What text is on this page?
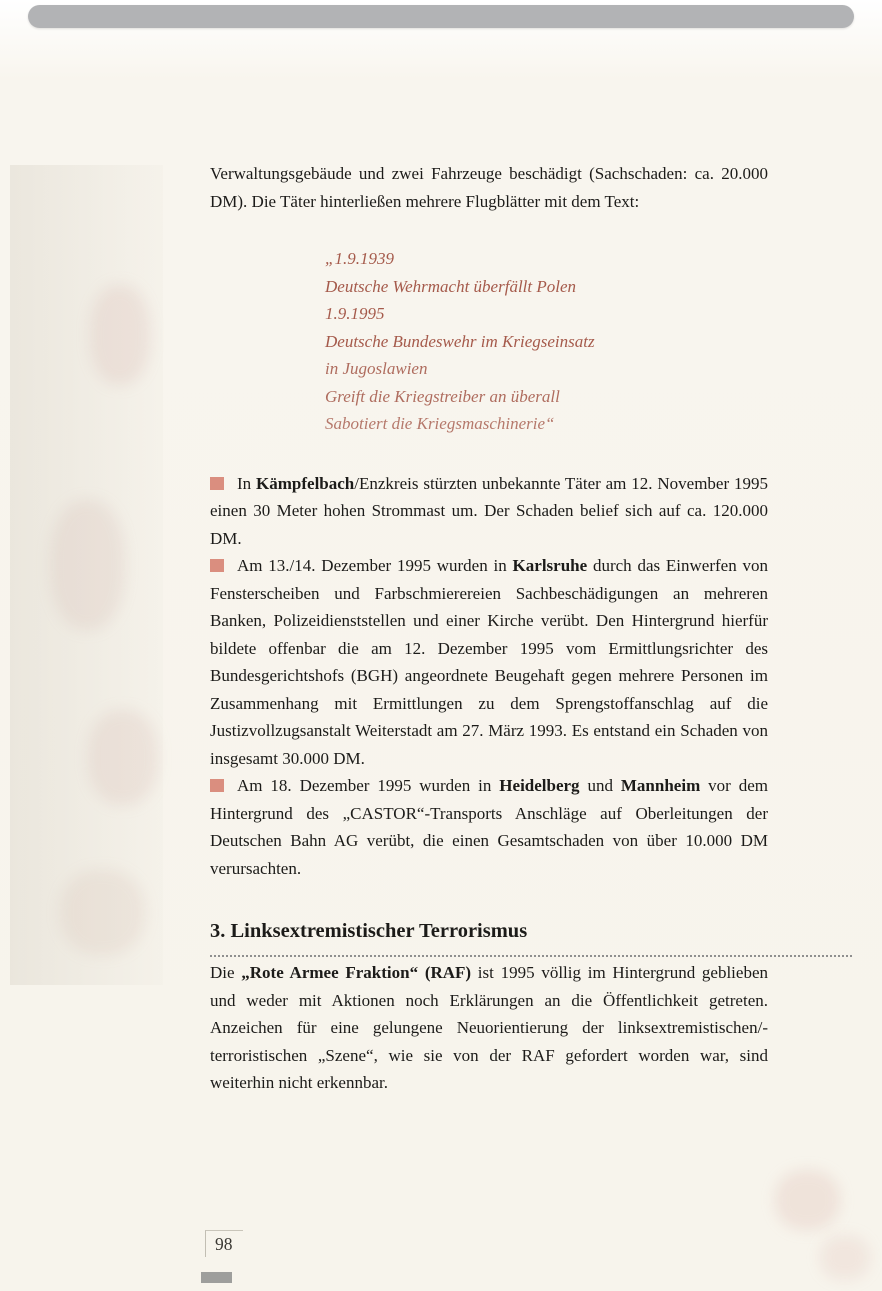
Verwaltungsgebäude und zwei Fahrzeuge beschädigt (Sachschaden: ca. 20.000 DM). Die Täter hinterließen mehrere Flugblätter mit dem Text:

„1.9.1939
Deutsche Wehrmacht überfällt Polen
1.9.1995
Deutsche Bundeswehr im Kriegseinsatz
in Jugoslawien
Greift die Kriegstreiber an überall
Sabotiert die Kriegsmaschinerie“

In Kämpfelbach/Enzkreis stürzten unbekannte Täter am 12. November 1995 einen 30 Meter hohen Strommast um. Der Schaden belief sich auf ca. 120.000 DM.

Am 13./14. Dezember 1995 wurden in Karlsruhe durch das Einwerfen von Fensterscheiben und Farbschmierereien Sachbeschädigungen an mehreren Banken, Polizeidienststellen und einer Kirche verübt. Den Hintergrund hierfür bildete offenbar die am 12. Dezember 1995 vom Ermittlungsrichter des Bundesgerichtshofs (BGH) angeordnete Beugehaft gegen mehrere Personen im Zusammenhang mit Ermittlungen zu dem Sprengstoffanschlag auf die Justizvollzugsanstalt Weiterstadt am 27. März 1993. Es entstand ein Schaden von insgesamt 30.000 DM.

Am 18. Dezember 1995 wurden in Heidelberg und Mannheim vor dem Hintergrund des „CASTOR“-Transports Anschläge auf Oberleitungen der Deutschen Bahn AG verübt, die einen Gesamtschaden von über 10.000 DM verursachten.

3. Linksextremistischer Terrorismus

Die „Rote Armee Fraktion“ (RAF) ist 1995 völlig im Hintergrund geblieben und weder mit Aktionen noch Erklärungen an die Öffentlichkeit getreten. Anzeichen für eine gelungene Neuorientierung der linksextremistischen/-terroristischen „Szene“, wie sie von der RAF gefordert worden war, sind weiterhin nicht erkennbar.

98
